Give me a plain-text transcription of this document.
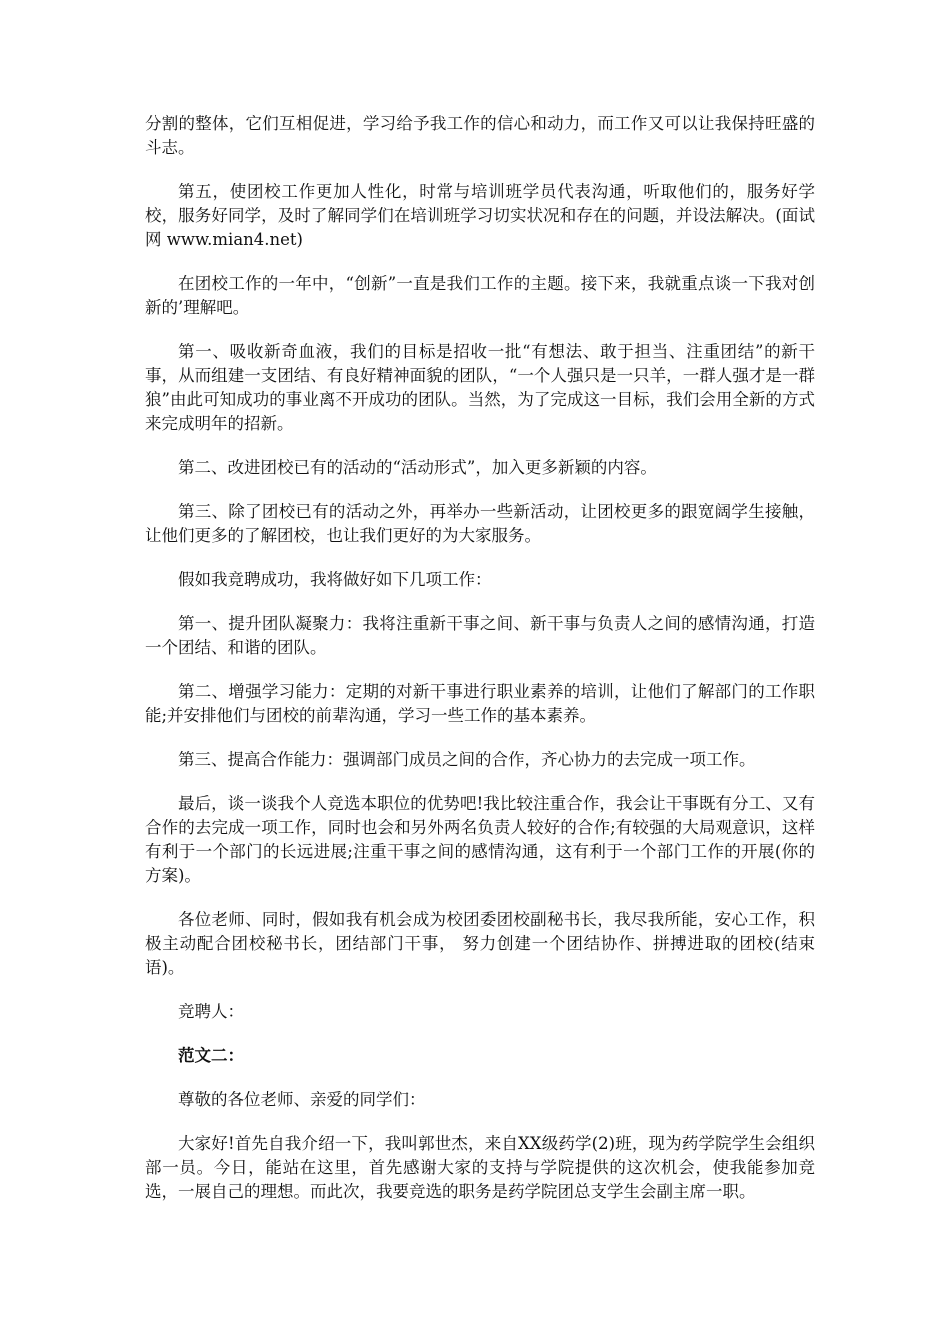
分割的整体，它们互相促进，学习给予我工作的信心和动力，而工作又可以让我保持旺盛的斗志。

第五，使团校工作更加人性化，时常与培训班学员代表沟通，听取他们的，服务好学校，服务好同学，及时了解同学们在培训班学习切实状况和存在的问题，并设法解决。(面试网 www.mian4.net)

在团校工作的一年中，“创新”一直是我们工作的主题。接下来，我就重点谈一下我对创新的’理解吧。

第一、吸收新奇血液，我们的目标是招收一批“有想法、敢于担当、注重团结”的新干事，从而组建一支团结、有良好精神面貌的团队，“一个人强只是一只羊，一群人强才是一群狼”由此可知成功的事业离不开成功的团队。当然，为了完成这一目标，我们会用全新的方式来完成明年的招新。

第二、改进团校已有的活动的“活动形式”，加入更多新颖的内容。

第三、除了团校已有的活动之外，再举办一些新活动，让团校更多的跟宽阔学生接触，让他们更多的了解团校，也让我们更好的为大家服务。

假如我竞聘成功，我将做好如下几项工作：

第一、提升团队凝聚力：我将注重新干事之间、新干事与负责人之间的感情沟通，打造一个团结、和谐的团队。

第二、增强学习能力：定期的对新干事进行职业素养的培训，让他们了解部门的工作职能;并安排他们与团校的前辈沟通，学习一些工作的基本素养。

第三、提高合作能力：强调部门成员之间的合作，齐心协力的去完成一项工作。

最后，谈一谈我个人竞选本职位的优势吧!我比较注重合作，我会让干事既有分工、又有合作的去完成一项工作，同时也会和另外两名负责人较好的合作;有较强的大局观意识，这样有利于一个部门的长远进展;注重干事之间的感情沟通，这有利于一个部门工作的开展(你的方案)。

各位老师、同时，假如我有机会成为校团委团校副秘书长，我尽我所能，安心工作，积极主动配合团校秘书长，团结部门干事， 努力创建一个团结协作、拼搏进取的团校(结束语)。

竞聘人：

范文二：

尊敬的各位老师、亲爱的同学们：

大家好!首先自我介绍一下，我叫郭世杰，来自XX级药学(2)班，现为药学院学生会组织部一员。今日，能站在这里，首先感谢大家的支持与学院提供的这次机会，使我能参加竞选，一展自己的理想。而此次，我要竞选的职务是药学院团总支学生会副主席一职。
